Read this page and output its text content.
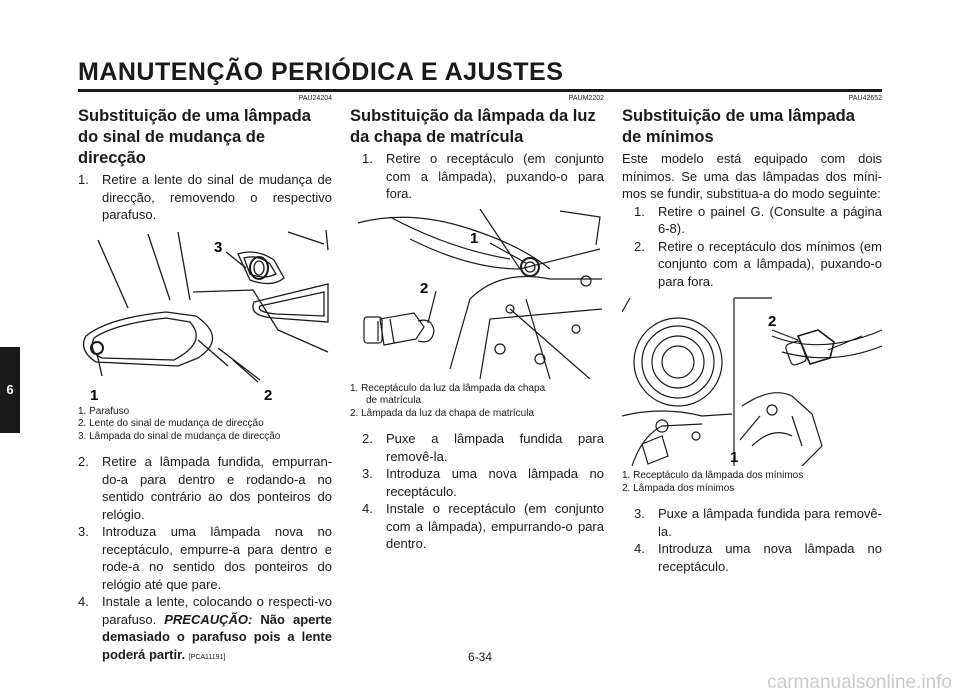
MANUTENÇÃO PERIÓDICA E AJUSTES
6
PAU24204
Substituição de uma lâmpada
do sinal de mudança de direcção
1. Retire a lente do sinal de mudança de direcção, removendo o respectivo parafuso.
3
1	2
1. Parafuso
2. Lente do sinal de mudança de direcção
3. Lâmpada do sinal de mudança de direcção
2. Retire a lâmpada fundida, empurran-do-a para dentro e rodando-a no sentido contrário ao dos ponteiros do relógio.
3. Introduza uma lâmpada nova no receptáculo, empurre-a para dentro e rode-a no sentido dos ponteiros do relógio até que pare.
4. Instale a lente, colocando o respecti-vo parafuso. PRECAUÇÃO: Não aperte demasiado o parafuso pois a lente poderá partir. [PCA11191]
PAUM2202
Substituição da lâmpada da luz
da chapa de matrícula
1. Retire o receptáculo (em conjunto com a lâmpada), puxando-o para fora.
1
2
1. Receptáculo da luz da lâmpada da chapa
de matrícula
2. Lâmpada da luz da chapa de matrícula
2. Puxe a lâmpada fundida para removê-la.
3. Introduza uma nova lâmpada no receptáculo.
4. Instale o receptáculo (em conjunto com a lâmpada), empurrando-o para dentro.
PAU42652
Substituição de uma lâmpada
de mínimos
Este modelo está equipado com dois mínimos. Se uma das lâmpadas dos míni-mos se fundir, substitua-a do modo seguinte:
1. Retire o painel G. (Consulte a página 6-8).
2. Retire o receptáculo dos mínimos (em conjunto com a lâmpada), puxando-o para fora.
2
1
1. Receptáculo da lâmpada dos mínimos
2. Lâmpada dos mínimos
3. Puxe a lâmpada fundida para removê-la.
4. Introduza uma nova lâmpada no receptáculo.
6-34
carmanualsonline.info
